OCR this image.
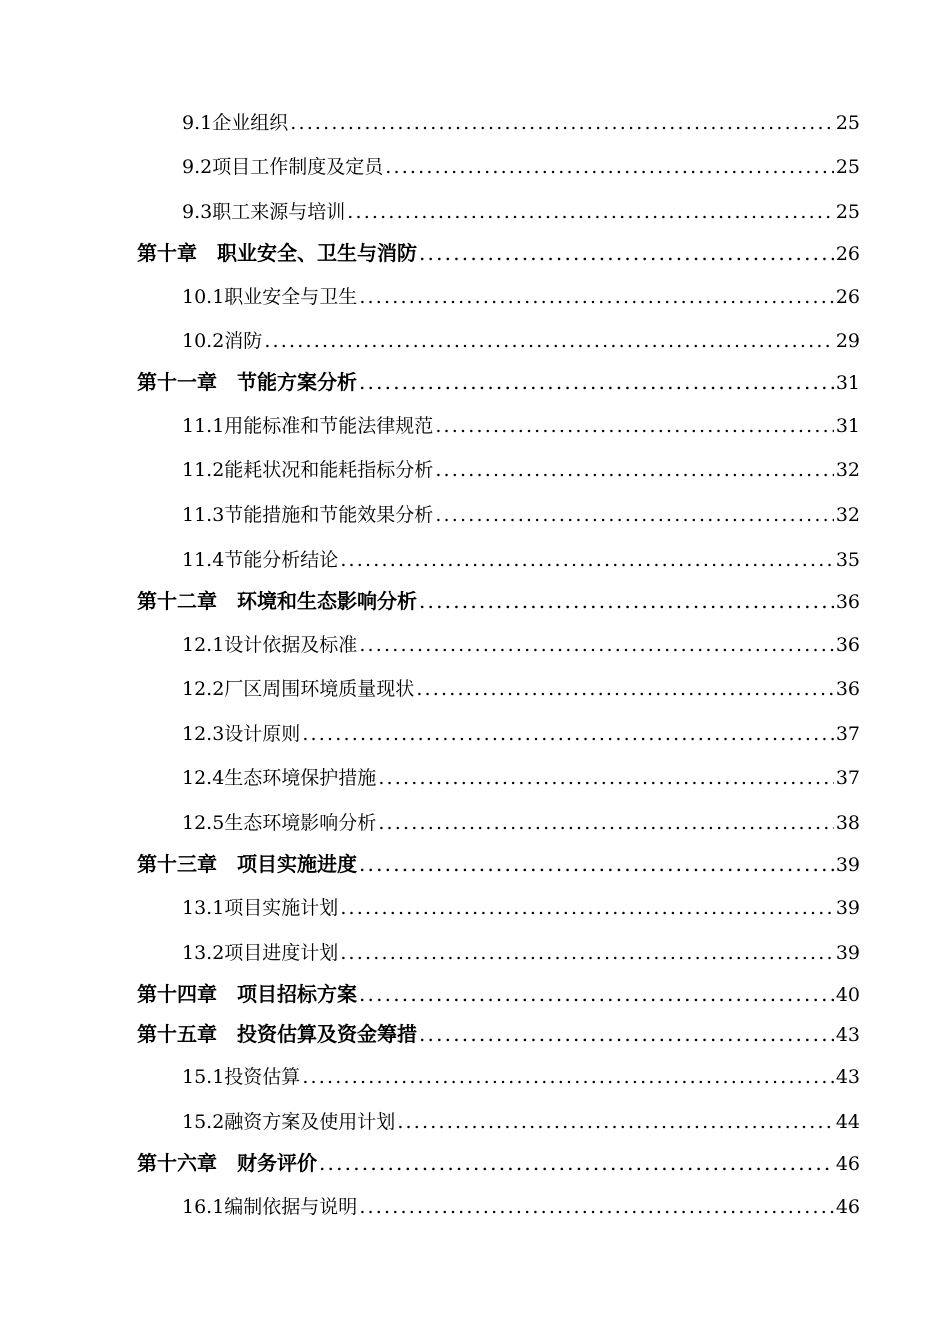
9.1企业组织 .....	25
9.2项目工作制度及定员 .....	25
9.3职工来源与培训 .....	25
第十章　职业安全、卫生与消防 .....	26
10.1职业安全与卫生 .....	26
10.2消防 .....	29
第十一章　节能方案分析 .....	31
11.1用能标准和节能法律规范 .....	31
11.2能耗状况和能耗指标分析 .....	32
11.3节能措施和节能效果分析 .....	32
11.4节能分析结论 .....	35
第十二章　环境和生态影响分析 .....	36
12.1设计依据及标准 .....	36
12.2厂区周围环境质量现状 .....	36
12.3设计原则 .....	37
12.4生态环境保护措施 .....	37
12.5生态环境影响分析 .....	38
第十三章　项目实施进度 .....	39
13.1项目实施计划 .....	39
13.2项目进度计划 .....	39
第十四章　项目招标方案 .....	40
第十五章　投资估算及资金筹措 .....	43
15.1投资估算 .....	43
15.2融资方案及使用计划 .....	44
第十六章　财务评价 .....	46
16.1编制依据与说明 .....	46
